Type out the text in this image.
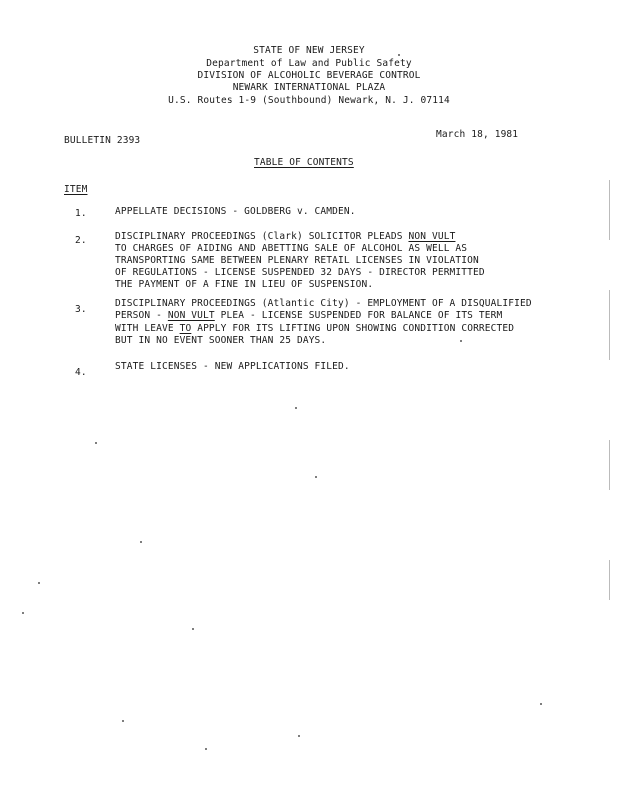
STATE OF NEW JERSEY
Department of Law and Public Safety
DIVISION OF ALCOHOLIC BEVERAGE CONTROL
NEWARK INTERNATIONAL PLAZA
U.S. Routes 1-9 (Southbound) Newark, N. J. 07114
BULLETIN 2393
March 18, 1981
TABLE OF CONTENTS
ITEM
1.	APPELLATE DECISIONS - GOLDBERG v. CAMDEN.
2.	DISCIPLINARY PROCEEDINGS (Clark) SOLICITOR PLEADS NON VULT
TO CHARGES OF AIDING AND ABETTING SALE OF ALCOHOL AS WELL AS
TRANSPORTING SAME BETWEEN PLENARY RETAIL LICENSES IN VIOLATION
OF REGULATIONS - LICENSE SUSPENDED 32 DAYS - DIRECTOR PERMITTED
THE PAYMENT OF A FINE IN LIEU OF SUSPENSION.
3.
DISCIPLINARY PROCEEDINGS (Atlantic City) - EMPLOYMENT OF A DISQUALIFIED
PERSON - NON VULT PLEA - LICENSE SUSPENDED FOR BALANCE OF ITS TERM
WITH LEAVE TO APPLY FOR ITS LIFTING UPON SHOWING CONDITION CORRECTED
BUT IN NO EVENT SOONER THAN 25 DAYS.
4.
STATE LICENSES - NEW APPLICATIONS FILED.
